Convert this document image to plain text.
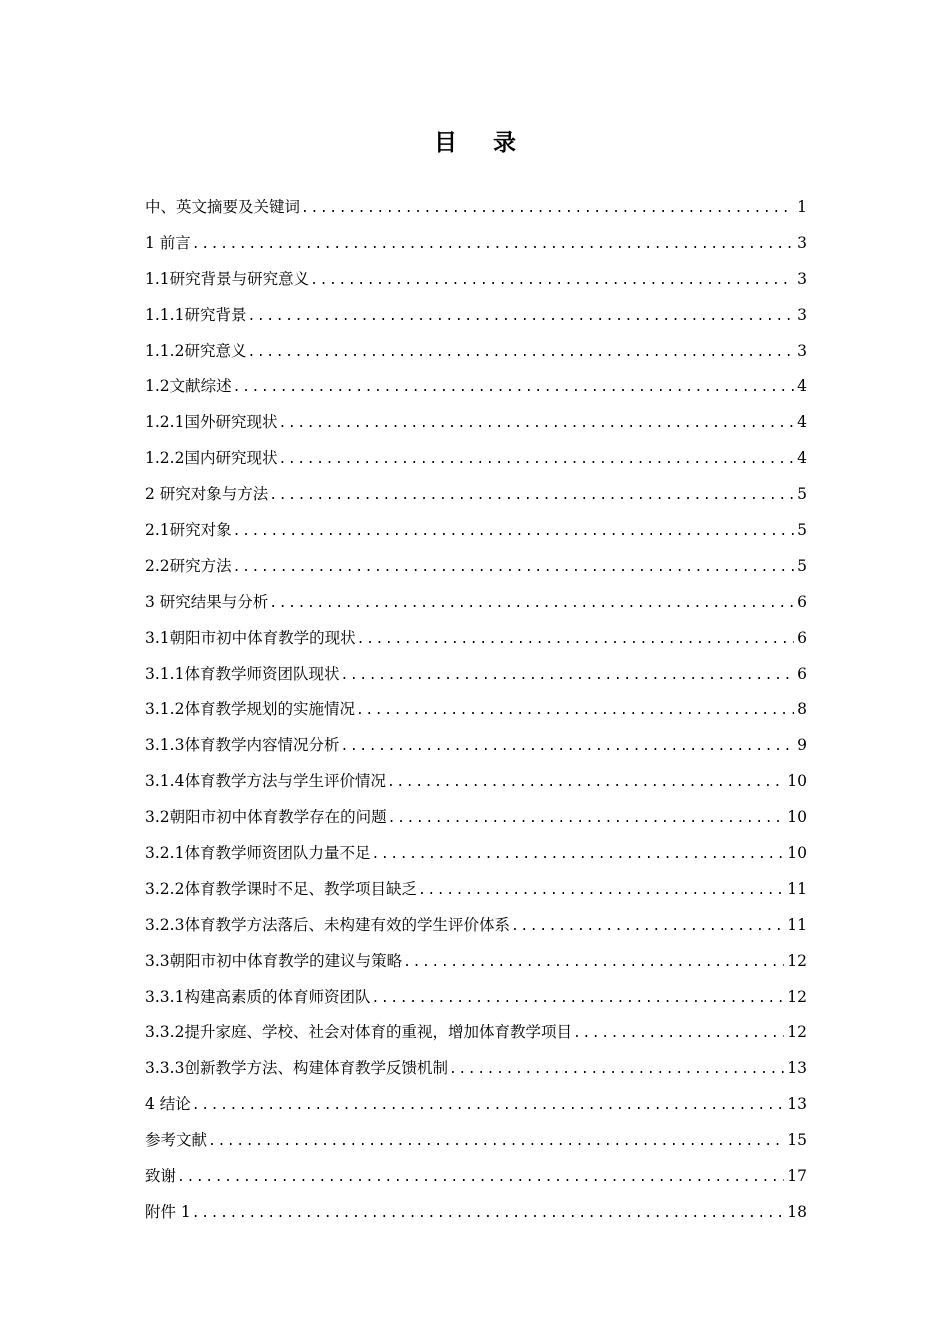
目 录
中、英文摘要及关键词 .....	1
1 前言 .....	3
1.1研究背景与研究意义 .....	3
1.1.1研究背景 .....	3
1.1.2研究意义 .....	3
1.2文献综述 .....	4
1.2.1国外研究现状 .....	4
1.2.2国内研究现状 .....	4
2 研究对象与方法 .....	5
2.1研究对象 .....	5
2.2研究方法 .....	5
3 研究结果与分析 .....	6
3.1朝阳市初中体育教学的现状 .....	6
3.1.1体育教学师资团队现状 .....	6
3.1.2体育教学规划的实施情况 .....	8
3.1.3体育教学内容情况分析 .....	9
3.1.4体育教学方法与学生评价情况 .....	10
3.2朝阳市初中体育教学存在的问题 .....	10
3.2.1体育教学师资团队力量不足 .....	10
3.2.2体育教学课时不足、教学项目缺乏 .....	11
3.2.3体育教学方法落后、未构建有效的学生评价体系 .....	11
3.3朝阳市初中体育教学的建议与策略 .....	12
3.3.1构建高素质的体育师资团队 .....	12
3.3.2提升家庭、学校、社会对体育的重视，增加体育教学项目 .....	12
3.3.3创新教学方法、构建体育教学反馈机制 .....	13
4 结论 .....	13
参考文献 .....	15
致谢 .....	17
附件 1 .....	18
